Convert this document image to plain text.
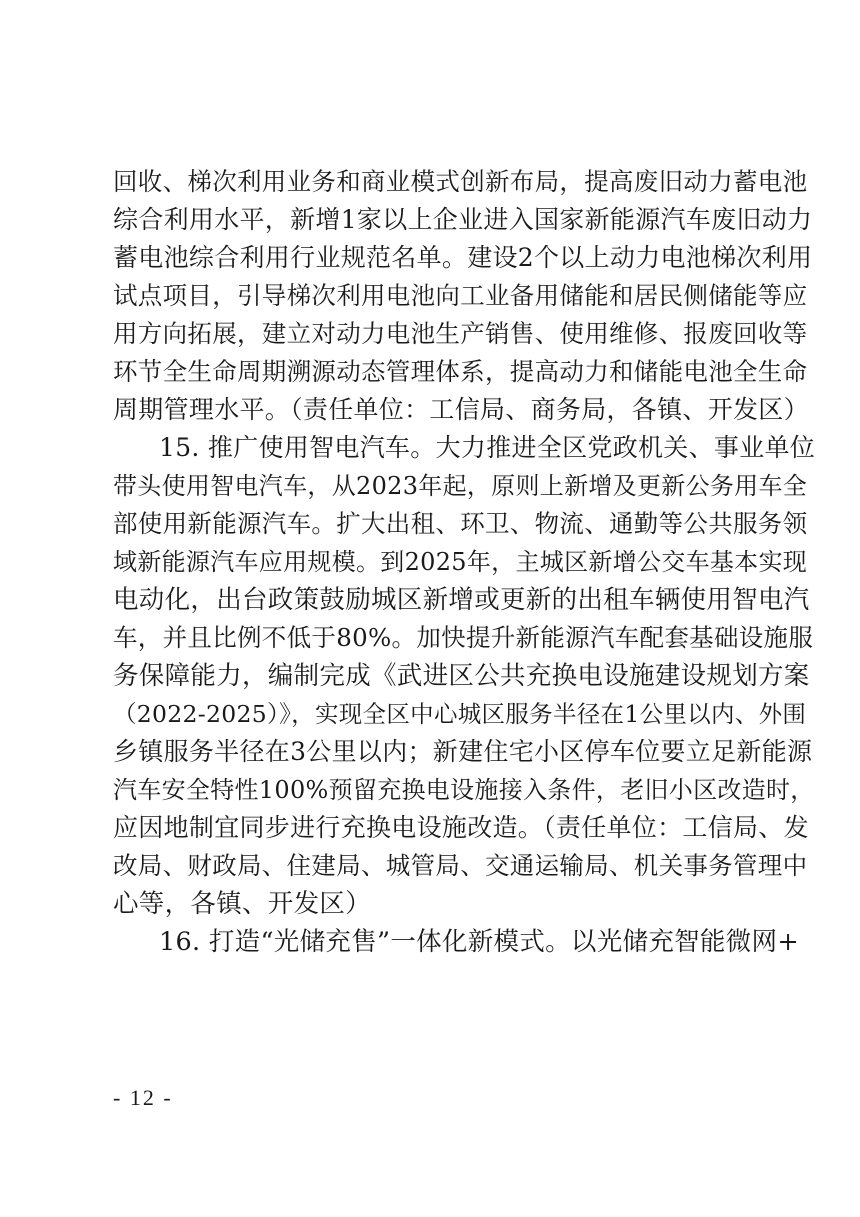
回收、梯次利用业务和商业模式创新布局，提高废旧动力蓄电池
综合利用水平，新增1家以上企业进入国家新能源汽车废旧动力
蓄电池综合利用行业规范名单。建设2个以上动力电池梯次利用
试点项目，引导梯次利用电池向工业备用储能和居民侧储能等应
用方向拓展，建立对动力电池生产销售、使用维修、报废回收等
环节全生命周期溯源动态管理体系，提高动力和储能电池全生命
周期管理水平。（责任单位：工信局、商务局，各镇、开发区）
15. 推广使用智电汽车。大力推进全区党政机关、事业单位
带头使用智电汽车，从2023年起，原则上新增及更新公务用车全
部使用新能源汽车。扩大出租、环卫、物流、通勤等公共服务领
域新能源汽车应用规模。到2025年，主城区新增公交车基本实现
电动化，出台政策鼓励城区新增或更新的出租车辆使用智电汽
车，并且比例不低于80%。加快提升新能源汽车配套基础设施服
务保障能力，编制完成《武进区公共充换电设施建设规划方案
（2022-2025）》，实现全区中心城区服务半径在1公里以内、外围
乡镇服务半径在3公里以内；新建住宅小区停车位要立足新能源
汽车安全特性100%预留充换电设施接入条件，老旧小区改造时，
应因地制宜同步进行充换电设施改造。（责任单位：工信局、发
改局、财政局、住建局、城管局、交通运输局、机关事务管理中
心等，各镇、开发区）
16. 打造“光储充售”一体化新模式。以光储充智能微网+
- 12 -
